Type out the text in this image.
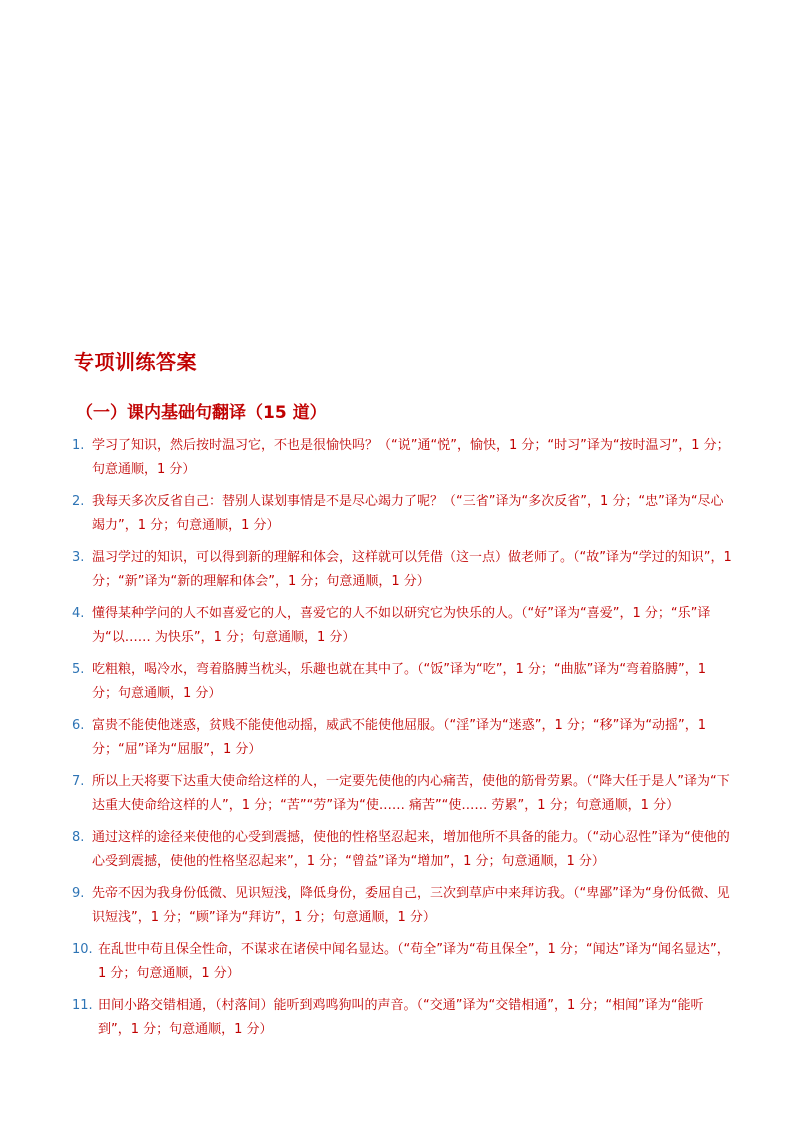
专项训练答案
（一）课内基础句翻译（15 道）
1. 学习了知识，然后按时温习它，不也是很愉快吗？（“说”通“悦”，愉快，1 分；“时习”译为“按时温习”，1 分；句意通顺，1 分）
2. 我每天多次反省自己：替别人谋划事情是不是尽心竭力了呢？（“三省”译为“多次反省”，1 分；“忠”译为“尽心竭力”，1 分；句意通顺，1 分）
3. 温习学过的知识，可以得到新的理解和体会，这样就可以凭借（这一点）做老师了。（“故”译为“学过的知识”，1 分；“新”译为“新的理解和体会”，1 分；句意通顺，1 分）
4. 懂得某种学问的人不如喜爱它的人，喜爱它的人不如以研究它为快乐的人。（“好”译为“喜爱”，1 分；“乐”译为“以…… 为快乐”，1 分；句意通顺，1 分）
5. 吃粗粮，喝冷水，弯着胳膊当枕头，乐趣也就在其中了。（“饭”译为“吃”，1 分；“曲肱”译为“弯着胳膊”，1 分；句意通顺，1 分）
6. 富贵不能使他迷惑，贫贱不能使他动摇，威武不能使他屈服。（“淫”译为“迷惑”，1 分；“移”译为“动摇”，1 分；“屈”译为“屈服”，1 分）
7. 所以上天将要下达重大使命给这样的人，一定要先使他的内心痛苦，使他的筋骨劳累。（“降大任于是人”译为“下达重大使命给这样的人”，1 分；“苦”“劳”译为“使…… 痛苦”“使…… 劳累”，1 分；句意通顺，1 分）
8. 通过这样的途径来使他的心受到震撼，使他的性格坚忍起来，增加他所不具备的能力。（“动心忍性”译为“使他的心受到震撼，使他的性格坚忍起来”，1 分；“曾益”译为“增加”，1 分；句意通顺，1 分）
9. 先帝不因为我身份低微、见识短浅，降低身份，委屈自己，三次到草庐中来拜访我。（“卑鄙”译为“身份低微、见识短浅”，1 分；“顾”译为“拜访”，1 分；句意通顺，1 分）
10. 在乱世中苟且保全性命，不谋求在诸侯中闻名显达。（“苟全”译为“苟且保全”，1 分；“闻达”译为“闻名显达”，1 分；句意通顺，1 分）
11. 田间小路交错相通，（村落间）能听到鸡鸣狗叫的声音。（“交通”译为“交错相通”，1 分；“相闻”译为“能听到”，1 分；句意通顺，1 分）
